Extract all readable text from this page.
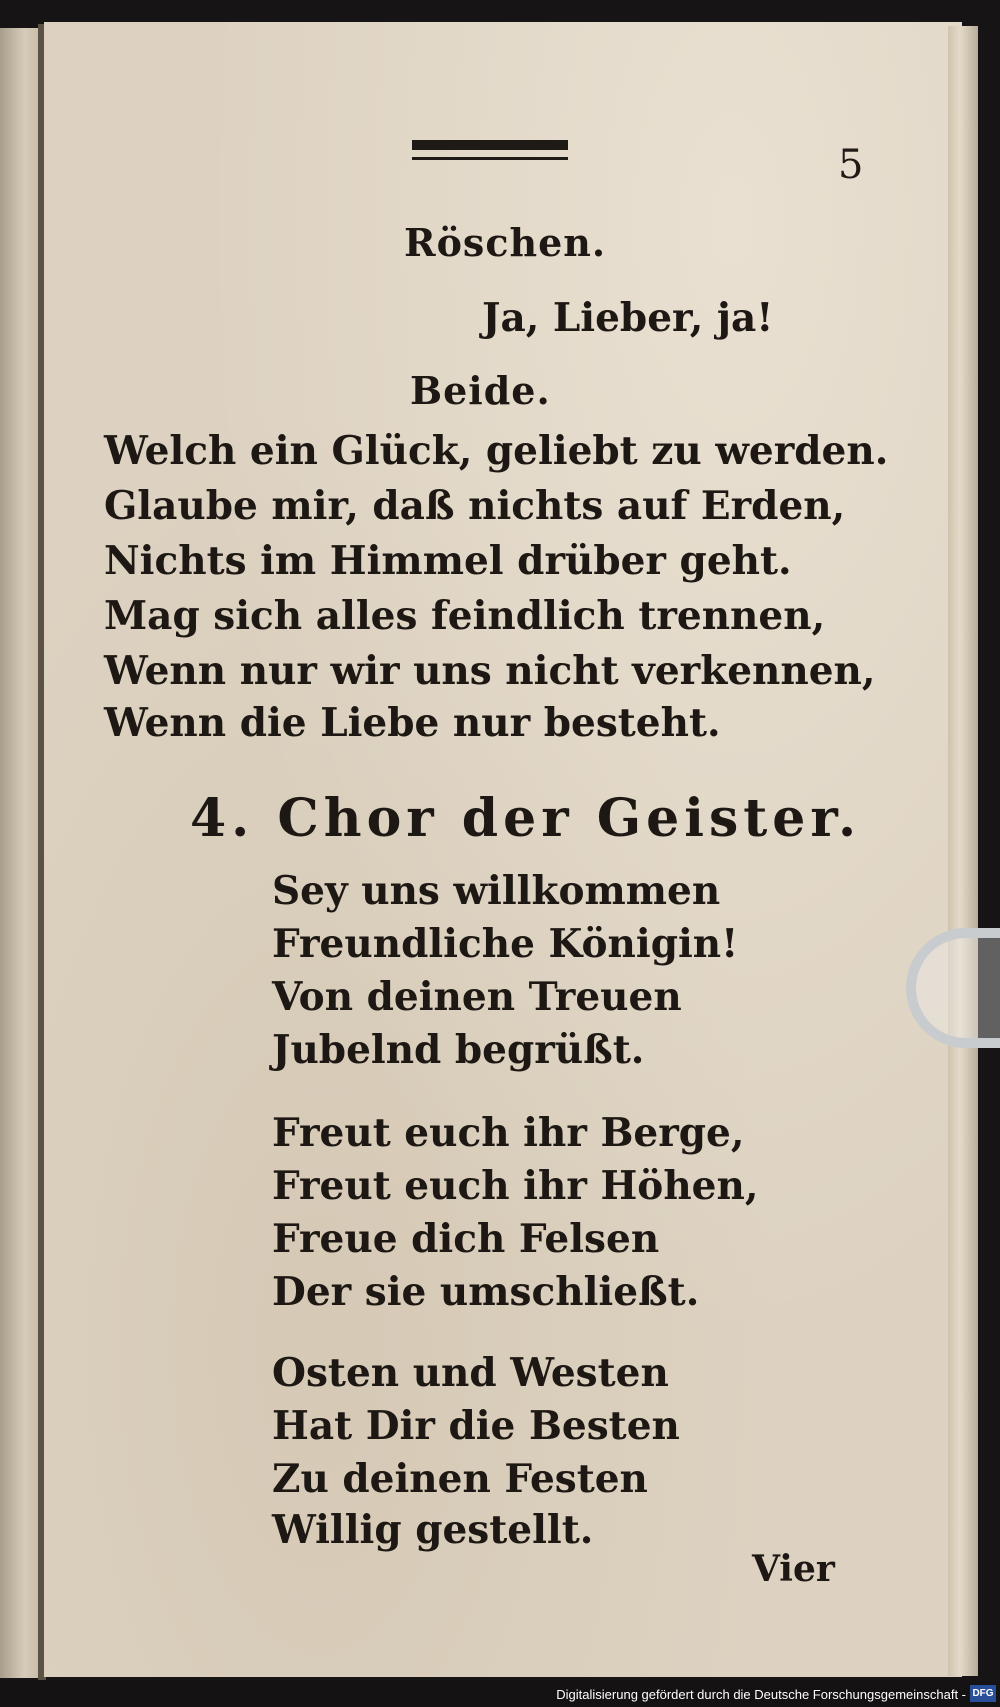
5

Röschen.

Ja, Lieber, ja!

Beide.

Welch ein Glück, geliebt zu werden.

Glaube mir, daß nichts auf Erden,

Nichts im Himmel drüber geht.

Mag sich alles feindlich trennen,

Wenn nur wir uns nicht verkennen,

Wenn die Liebe nur besteht.

4. Chor der Geister.

Sey uns willkommen

Freundliche Königin!

Von deinen Treuen

Jubelnd begrüßt.

Freut euch ihr Berge,

Freut euch ihr Höhen,

Freue dich Felsen

Der sie umschließt.

Osten und Westen

Hat Dir die Besten

Zu deinen Festen

Willig gestellt.

Vier

Digitalisierung gefördert durch die Deutsche Forschungsgemeinschaft - DFG
